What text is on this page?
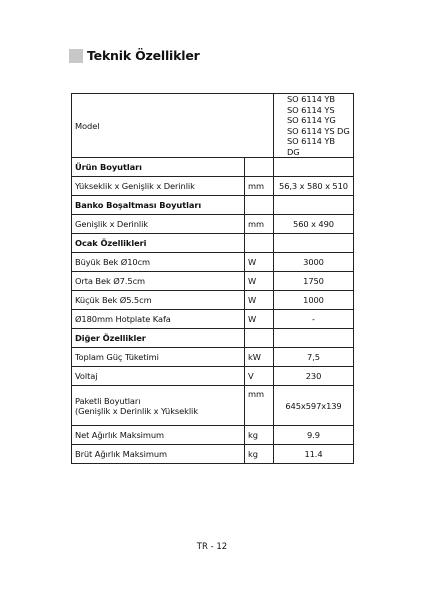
Teknik Özellikler
Model		SO 6114 YB
SO 6114 YS
SO 6114 YG
SO 6114 YS DG
SO 6114 YB DG

Ürün Boyutları		

Yükseklik x Genişlik x Derinlik	mm	56,3 x 580 x 510
Banko Boşaltması Boyutları		

Genişlik x Derinlik	mm	560 x 490
Ocak Özellikleri		

Büyük Bek Ø10cm	W	3000

Orta Bek Ø7.5cm	W	1750

Küçük Bek Ø5.5cm	W	1000

Ø180mm Hotplate Kafa	W	-
Diğer Özellikler		

Toplam Güç Tüketimi	kW	7,5

Voltaj	V	230

Paketli Boyutları
(Genişlik x Derinlik x Yükseklik	mm	645x597x139

Net Ağırlık Maksimum	kg	9.9

Brüt Ağırlık Maksimum	kg	11.4
TR - 12
